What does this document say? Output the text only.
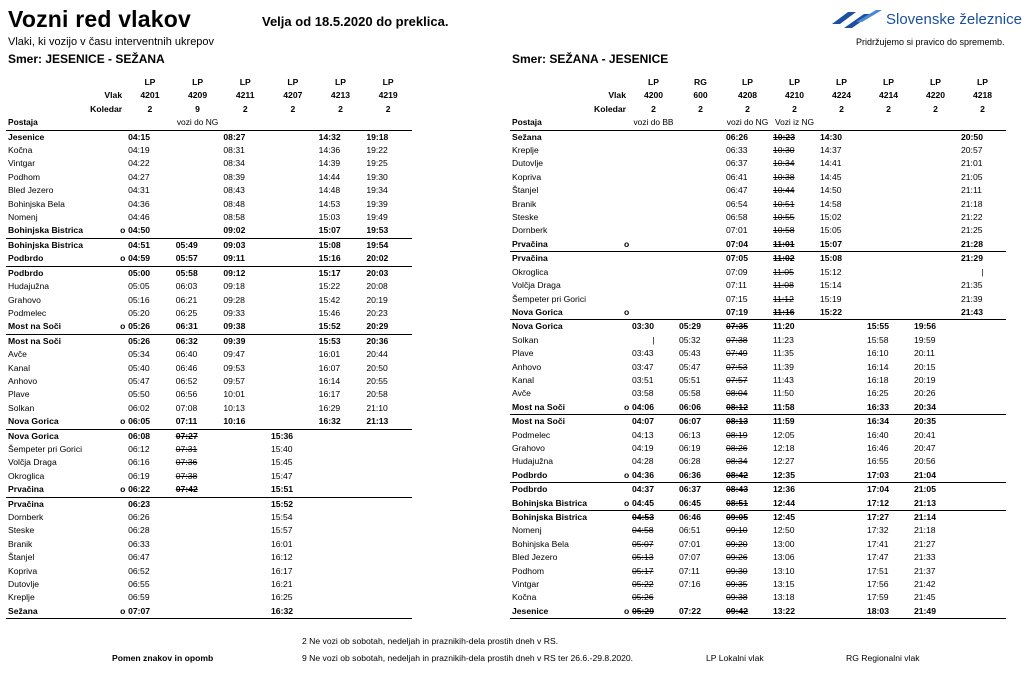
Vozni red vlakov	Velja od 18.5.2020 do preklica.
Vlaki, ki vozijo v času interventnih ukrepov
Slovenske železnice
Pridržujemo si pravico do sprememb.
Smer: JESENICE - SEŽANA	Smer: SEŽANA - JESENICE
		LP	LP	LP	LP	LP	LP
Vlak		4201	4209	4211	4207	4213	4219
Koledar		2	9	2	2	2	2
Postaja			vozi do NG				
Jesenice		04:15		08:27		14:32	19:18
Kočna		04:19		08:31		14:36	19:22
Vintgar		04:22		08:34		14:39	19:25
Podhom		04:27		08:39		14:44	19:30
Bled Jezero		04:31		08:43		14:48	19:34
Bohinjska Bela		04:36		08:48		14:53	19:39
Nomenj		04:46		08:58		15:03	19:49
Bohinjska Bistrica	o	04:50		09:02		15:07	19:53
Bohinjska Bistrica		04:51	05:49	09:03		15:08	19:54
Podbrdo	o	04:59	05:57	09:11		15:16	20:02
Podbrdo		05:00	05:58	09:12		15:17	20:03
Hudajužna		05:05	06:03	09:18		15:22	20:08
Grahovo		05:16	06:21	09:28		15:42	20:19
Podmelec		05:20	06:25	09:33		15:46	20:23
Most na Soči	o	05:26	06:31	09:38		15:52	20:29
Most na Soči		05:26	06:32	09:39		15:53	20:36
Avče		05:34	06:40	09:47		16:01	20:44
Kanal		05:40	06:46	09:53		16:07	20:50
Anhovo		05:47	06:52	09:57		16:14	20:55
Plave		05:50	06:56	10:01		16:17	20:58
Solkan		06:02	07:08	10:13		16:29	21:10
Nova Gorica	o	06:05	07:11	10:16		16:32	21:13
Nova Gorica		06:08	07:27		15:36		
Šempeter pri Gorici		06:12	07:31		15:40		
Volčja Draga		06:16	07:36		15:45		
Okroglica		06:19	07:38		15:47		
Prvačina	o	06:22	07:42		15:51		
Prvačina		06:23			15:52		
Dornberk		06:26			15:54		
Steske		06:28			15:57		
Branik		06:33			16:01		
Štanjel		06:47			16:12		
Kopriva		06:52			16:17		
Dutovlje		06:55			16:21		
Kreplje		06:59			16:25		
Sežana	o	07:07			16:32		
		LP	RG	LP	LP	LP	LP	LP	LP
Vlak		4200	600	4208	4210	4224	4214	4220	4218
Koledar		2	2	2	2	2	2	2	2
Postaja		vozi do BB		vozi do NG	Vozi iz NG				
Sežana				06:26	10:23	14:30			20:50
Kreplje				06:33	10:30	14:37			20:57
Dutovlje				06:37	10:34	14:41			21:01
Kopriva				06:41	10:38	14:45			21:05
Štanjel				06:47	10:44	14:50			21:11
Branik				06:54	10:51	14:58			21:18
Steske				06:58	10:55	15:02			21:22
Dornberk				07:01	10:58	15:05			21:25
Prvačina	o			07:04	11:01	15:07			21:28
Prvačina				07:05	11:02	15:08			21:29
Okroglica				07:09	11:05	15:12			|
Volčja Draga				07:11	11:08	15:14			21:35
Šempeter pri Gorici				07:15	11:12	15:19			21:39
Nova Gorica	o			07:19	11:16	15:22			21:43
Nova Gorica		03:30	05:29	07:35	11:20		15:55	19:56	
Solkan		|	05:32	07:38	11:23		15:58	19:59	
Plave		03:43	05:43	07:49	11:35		16:10	20:11	
Anhovo		03:47	05:47	07:53	11:39		16:14	20:15	
Kanal		03:51	05:51	07:57	11:43		16:18	20:19	
Avče		03:58	05:58	08:04	11:50		16:25	20:26	
Most na Soči	o	04:06	06:06	08:12	11:58		16:33	20:34	
Most na Soči		04:07	06:07	08:13	11:59		16:34	20:35	
Podmelec		04:13	06:13	08:19	12:05		16:40	20:41	
Grahovo		04:19	06:19	08:26	12:18		16:46	20:47	
Hudajužna		04:28	06:28	08:34	12:27		16:55	20:56	
Podbrdo	o	04:36	06:36	08:42	12:35		17:03	21:04	
Podbrdo		04:37	06:37	08:43	12:36		17:04	21:05	
Bohinjska Bistrica	o	04:45	06:45	08:51	12:44		17:12	21:13	
Bohinjska Bistrica		04:53	06:46	09:05	12:45		17:27	21:14	
Nomenj		04:58	06:51	09:10	12:50		17:32	21:18	
Bohinjska Bela		05:07	07:01	09:20	13:00		17:41	21:27	
Bled Jezero		05:13	07:07	09:26	13:06		17:47	21:33	
Podhom		05:17	07:11	09:30	13:10		17:51	21:37	
Vintgar		05:22	07:16	09:35	13:15		17:56	21:42	
Kočna		05:26		09:38	13:18		17:59	21:45	
Jesenice	o	05:29	07:22	09:42	13:22		18:03	21:49	
2 Ne vozi ob sobotah, nedeljah in praznikih-dela prostih dneh v RS.
Pomen znakov in opomb	9 Ne vozi ob sobotah, nedeljah in praznikih-dela prostih dneh v RS ter 26.6.-29.8.2020.	LP Lokalni vlak	RG Regionalni vlak
